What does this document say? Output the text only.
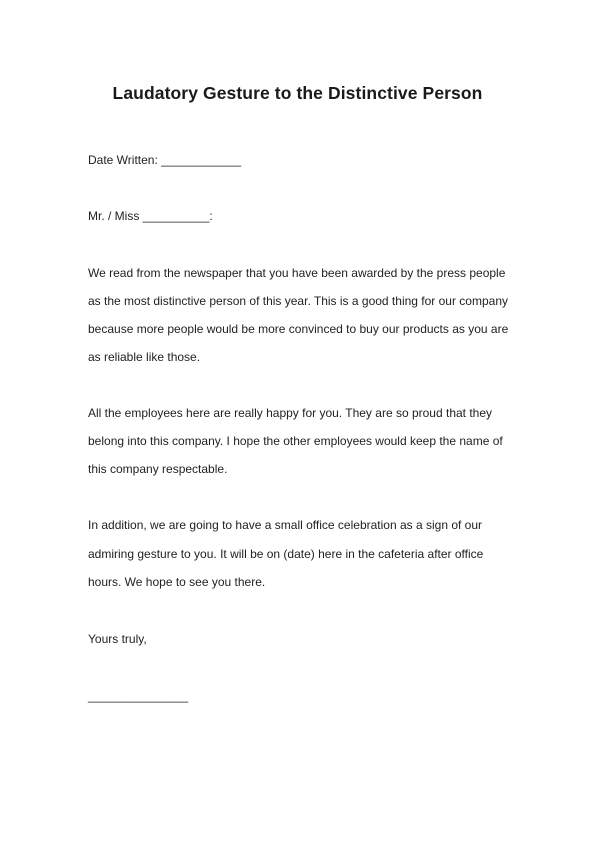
Laudatory Gesture to the Distinctive Person
Date Written: ____________
Mr. / Miss __________:
We read from the newspaper that you have been awarded by the press people
as the most distinctive person of this year. This is a good thing for our company
because more people would be more convinced to buy our products as you are
as reliable like those.
All the employees here are really happy for you. They are so proud that they
belong into this company. I hope the other employees would keep the name of
this company respectable.
In addition, we are going to have a small office celebration as a sign of our
admiring gesture to you. It will be on (date) here in the cafeteria after office
hours. We hope to see you there.
Yours truly,
_______________
